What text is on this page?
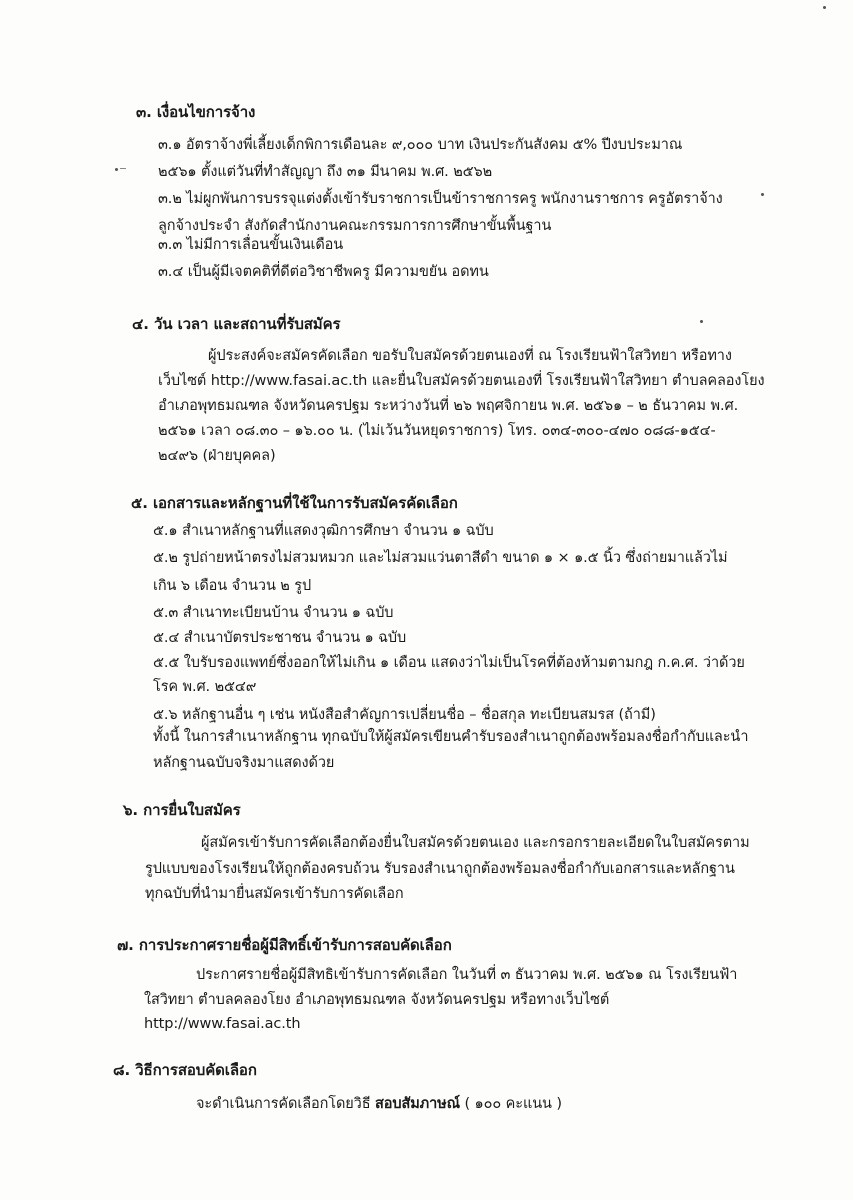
๓. เงื่อนไขการจ้าง
๓.๑ อัตราจ้างพี่เลี้ยงเด็กพิการเดือนละ ๙,๐๐๐ บาท เงินประกันสังคม ๕% ปีงบประมาณ
๒๕๖๑ ตั้งแต่วันที่ทำสัญญา ถึง ๓๑ มีนาคม พ.ศ. ๒๕๖๒
๓.๒ ไม่ผูกพันการบรรจุแต่งตั้งเข้ารับราชการเป็นข้าราชการครู พนักงานราชการ ครูอัตราจ้าง
ลูกจ้างประจำ สังกัดสำนักงานคณะกรรมการการศึกษาขั้นพื้นฐาน
๓.๓ ไม่มีการเลื่อนขั้นเงินเดือน
๓.๔ เป็นผู้มีเจตคติที่ดีต่อวิชาชีพครู มีความขยัน อดทน
๔. วัน เวลา และสถานที่รับสมัคร
ผู้ประสงค์จะสมัครคัดเลือก ขอรับใบสมัครด้วยตนเองที่ ณ โรงเรียนฟ้าใสวิทยา หรือทาง
เว็บไซต์ http://www.fasai.ac.th และยื่นใบสมัครด้วยตนเองที่ โรงเรียนฟ้าใสวิทยา ตำบลคลองโยง
อำเภอพุทธมณฑล จังหวัดนครปฐม ระหว่างวันที่ ๒๖ พฤศจิกายน พ.ศ. ๒๕๖๑ – ๒ ธันวาคม พ.ศ.
๒๕๖๑ เวลา ๐๘.๓๐ – ๑๖.๐๐ น. (ไม่เว้นวันหยุดราชการ) โทร. ๐๓๔-๓๐๐-๔๗๐ ๐๘๘-๑๕๔-
๒๔๙๖ (ฝ่ายบุคคล)
๕. เอกสารและหลักฐานที่ใช้ในการรับสมัครคัดเลือก
๕.๑ สำเนาหลักฐานที่แสดงวุฒิการศึกษา จำนวน ๑ ฉบับ
๕.๒ รูปถ่ายหน้าตรงไม่สวมหมวก และไม่สวมแว่นตาสีดำ ขนาด ๑ × ๑.๕ นิ้ว ซึ่งถ่ายมาแล้วไม่
เกิน ๖ เดือน จำนวน ๒ รูป
๕.๓ สำเนาทะเบียนบ้าน จำนวน ๑ ฉบับ
๕.๔ สำเนาบัตรประชาชน จำนวน ๑ ฉบับ
๕.๕ ใบรับรองแพทย์ซึ่งออกให้ไม่เกิน ๑ เดือน แสดงว่าไม่เป็นโรคที่ต้องห้ามตามกฎ ก.ค.ศ. ว่าด้วย
โรค พ.ศ. ๒๕๔๙
๕.๖ หลักฐานอื่น ๆ เช่น หนังสือสำคัญการเปลี่ยนชื่อ – ชื่อสกุล ทะเบียนสมรส (ถ้ามี)
ทั้งนี้ ในการสำเนาหลักฐาน ทุกฉบับให้ผู้สมัครเขียนคำรับรองสำเนาถูกต้องพร้อมลงชื่อกำกับและนำ
หลักฐานฉบับจริงมาแสดงด้วย
๖. การยื่นใบสมัคร
ผู้สมัครเข้ารับการคัดเลือกต้องยื่นใบสมัครด้วยตนเอง และกรอกรายละเอียดในใบสมัครตาม
รูปแบบของโรงเรียนให้ถูกต้องครบถ้วน รับรองสำเนาถูกต้องพร้อมลงชื่อกำกับเอกสารและหลักฐาน
ทุกฉบับที่นำมายื่นสมัครเข้ารับการคัดเลือก
๗. การประกาศรายชื่อผู้มีสิทธิ์เข้ารับการสอบคัดเลือก
ประกาศรายชื่อผู้มีสิทธิเข้ารับการคัดเลือก ในวันที่ ๓ ธันวาคม พ.ศ. ๒๕๖๑ ณ โรงเรียนฟ้า
ใสวิทยา ตำบลคลองโยง อำเภอพุทธมณฑล จังหวัดนครปฐม หรือทางเว็บไซต์
http://www.fasai.ac.th
๘. วิธีการสอบคัดเลือก
จะดำเนินการคัดเลือกโดยวิธี สอบสัมภาษณ์ ( ๑๐๐ คะแนน )
